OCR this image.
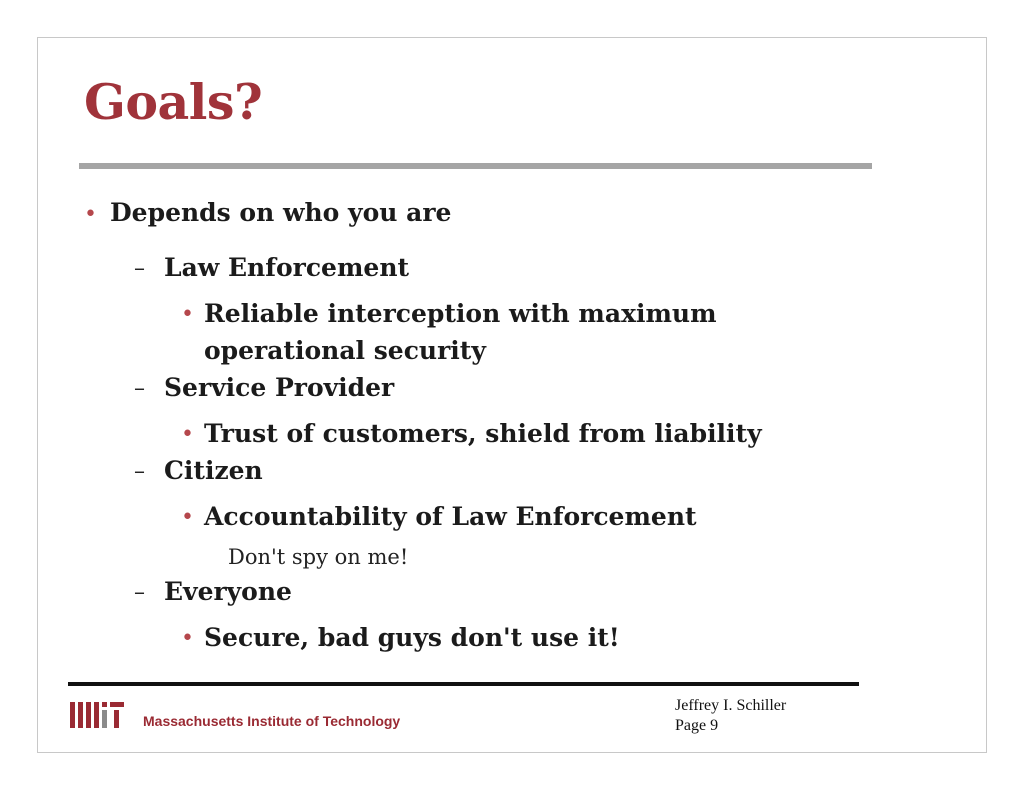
Goals?
• Depends on who you are
– Law Enforcement
• Reliable interception with maximum
operational security
– Service Provider
• Trust of customers, shield from liability
– Citizen
• Accountability of Law Enforcement
Don't spy on me!
– Everyone
• Secure, bad guys don't use it!
Massachusetts Institute of Technology
Jeffrey I. Schiller
Page 9
